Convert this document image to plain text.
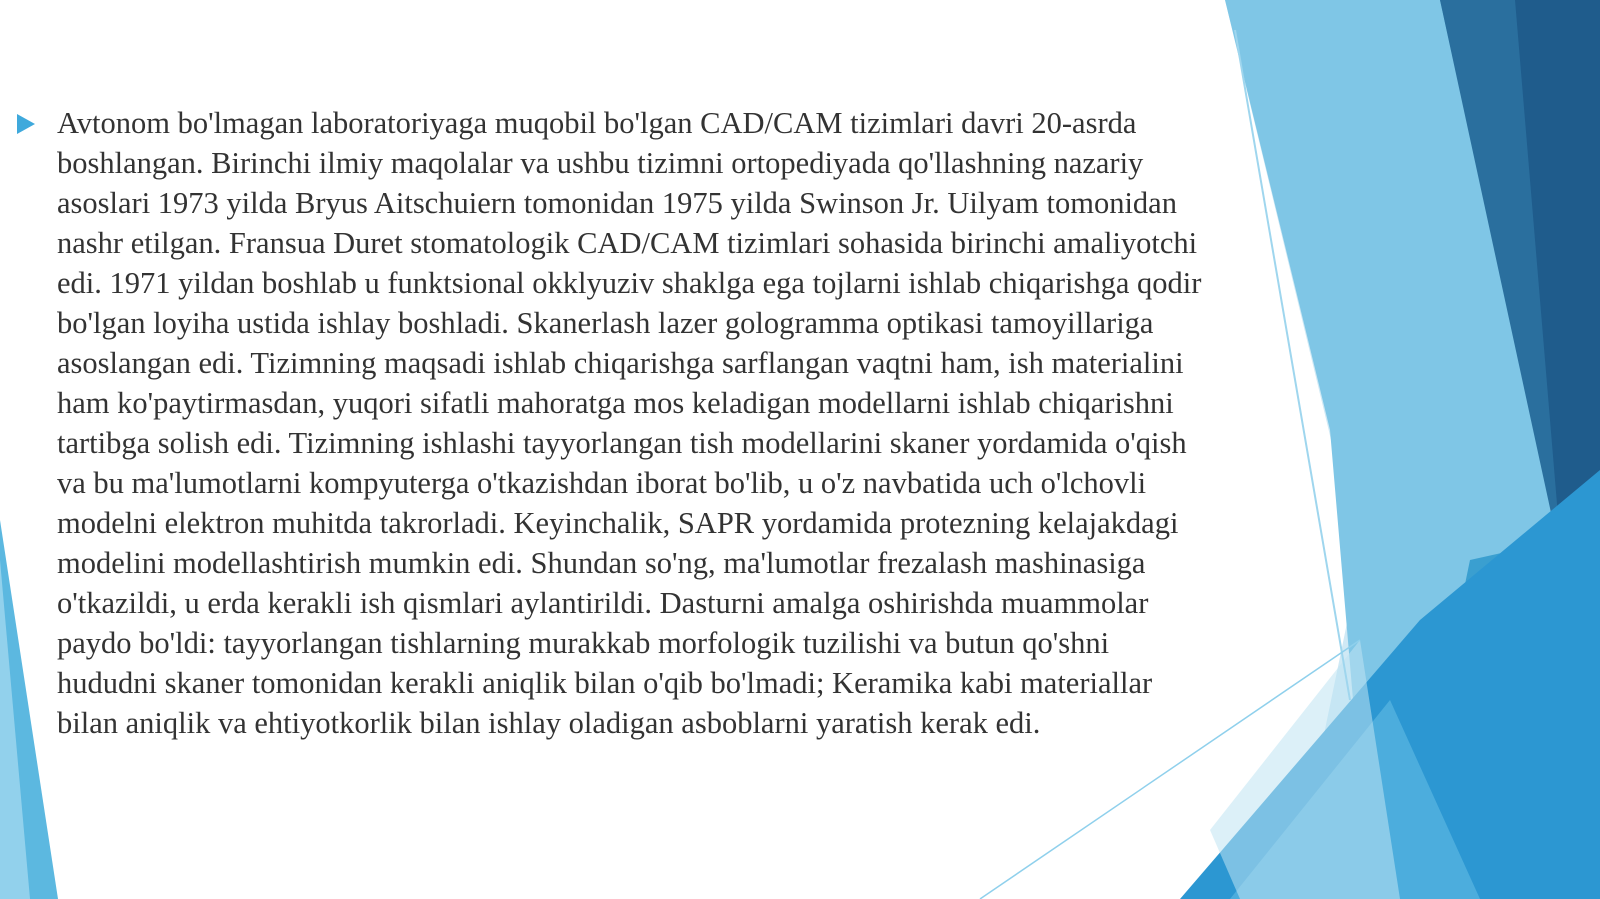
Avtonom bo'lmagan laboratoriyaga muqobil bo'lgan CAD/CAM tizimlari davri 20-asrda boshlangan. Birinchi ilmiy maqolalar va ushbu tizimni ortopediyada qo'llashning nazariy asoslari 1973 yilda Bryus Aitschuiern tomonidan 1975 yilda Swinson Jr. Uilyam tomonidan nashr etilgan. Fransua Duret stomatologik CAD/CAM tizimlari sohasida birinchi amaliyotchi edi. 1971 yildan boshlab u funktsional okklyuziv shaklga ega tojlarni ishlab chiqarishga qodir bo'lgan loyiha ustida ishlay boshladi. Skanerlash lazer gologramma optikasi tamoyillariga asoslangan edi. Tizimning maqsadi ishlab chiqarishga sarflangan vaqtni ham, ish materialini ham ko'paytirmasdan, yuqori sifatli mahoratga mos keladigan modellarni ishlab chiqarishni tartibga solish edi. Tizimning ishlashi tayyorlangan tish modellarini skaner yordamida o'qish va bu ma'lumotlarni kompyuterga o'tkazishdan iborat bo'lib, u o'z navbatida uch o'lchovli modelni elektron muhitda takrorladi. Keyinchalik, SAPR yordamida protezning kelajakdagi modelini modellashtirish mumkin edi. Shundan so'ng, ma'lumotlar frezalash mashinasiga o'tkazildi, u erda kerakli ish qismlari aylantirildi. Dasturni amalga oshirishda muammolar paydo bo'ldi: tayyorlangan tishlarning murakkab morfologik tuzilishi va butun qo'shni hududni skaner tomonidan kerakli aniqlik bilan o'qib bo'lmadi; Keramika kabi materiallar bilan aniqlik va ehtiyotkorlik bilan ishlay oladigan asboblarni yaratish kerak edi.
